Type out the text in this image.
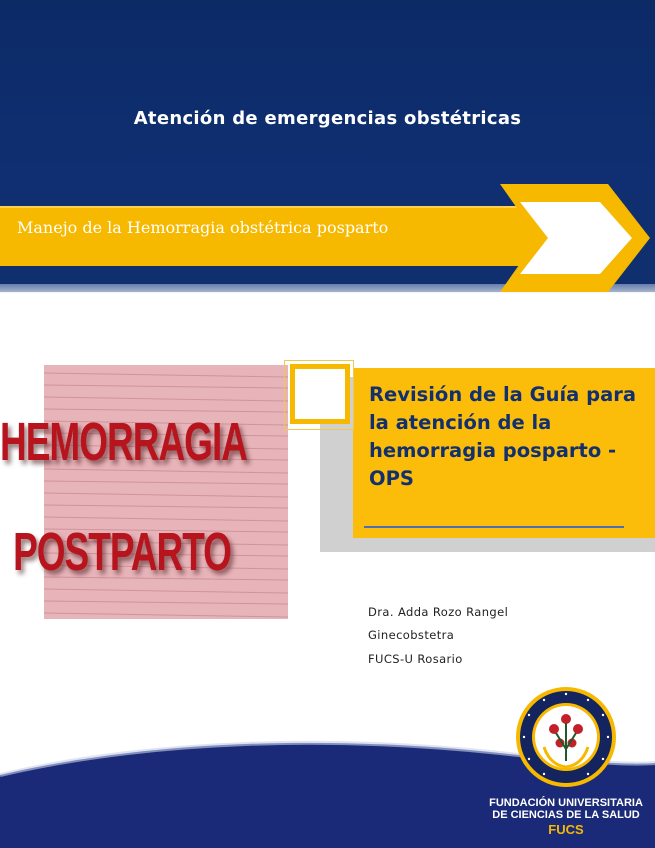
Atención de emergencias obstétricas
Manejo de la Hemorragia obstétrica posparto
HEMORRAGIA
POSTPARTO
Revisión de la Guía para la atención de la hemorragia posparto - OPS
Dra. Adda Rozo Rangel
Ginecobstetra
FUCS-U Rosario
FUNDACIÓN UNIVERSITARIA
DE CIENCIAS DE LA SALUD
FUCS
